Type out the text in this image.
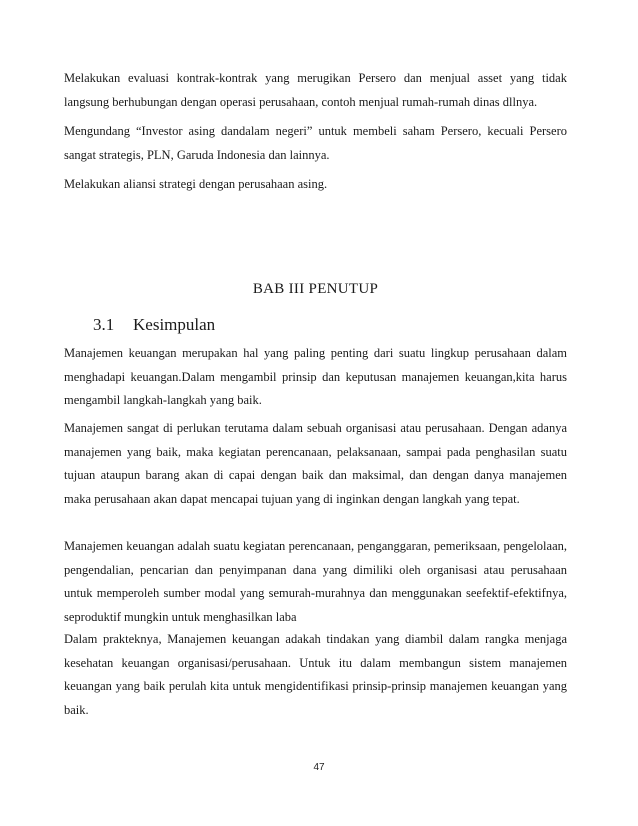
Melakukan evaluasi kontrak-kontrak yang merugikan Persero dan menjual asset yang tidak langsung berhubungan dengan operasi perusahaan, contoh menjual rumah-rumah dinas dllnya.

Mengundang “Investor asing dandalam negeri” untuk membeli saham Persero, kecuali Persero sangat strategis, PLN, Garuda Indonesia dan lainnya.

Melakukan aliansi strategi dengan perusahaan asing.

BAB III PENUTUP
3.1 Kesimpulan

Manajemen keuangan merupakan hal yang paling penting dari suatu lingkup perusahaan dalam menghadapi keuangan.Dalam mengambil prinsip dan keputusan manajemen keuangan,kita harus mengambil langkah-langkah yang baik.

Manajemen sangat di perlukan terutama dalam sebuah organisasi atau perusahaan. Dengan adanya manajemen yang baik, maka kegiatan perencanaan, pelaksanaan, sampai pada penghasilan suatu tujuan ataupun barang akan di capai dengan baik dan maksimal, dan dengan danya manajemen maka perusahaan akan dapat mencapai tujuan yang di inginkan dengan langkah yang tepat.

Manajemen keuangan adalah suatu kegiatan perencanaan, penganggaran, pemeriksaan, pengelolaan, pengendalian, pencarian dan penyimpanan dana yang dimiliki oleh organisasi atau perusahaan untuk memperoleh sumber modal yang semurah-murahnya dan menggunakan seefektif-efektifnya, seproduktif mungkin untuk menghasilkan laba

Dalam prakteknya, Manajemen keuangan adakah tindakan yang diambil dalam rangka menjaga kesehatan keuangan organisasi/perusahaan. Untuk itu dalam membangun sistem manajemen keuangan yang baik perulah kita untuk mengidentifikasi prinsip-prinsip manajemen keuangan yang baik.

47
